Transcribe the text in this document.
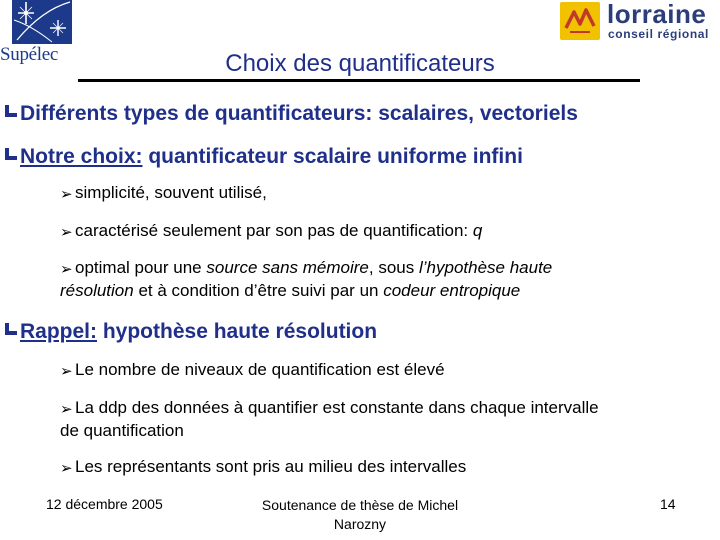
Supélec
lorraine
conseil régional
Choix des quantificateurs
Différents types de quantificateurs: scalaires, vectoriels
Notre choix: quantificateur scalaire uniforme infini
➢ simplicité, souvent utilisé,
➢ caractérisé seulement par son pas de quantification: q
➢ optimal pour une source sans mémoire, sous l’hypothèse haute
résolution et à condition d’être suivi par un codeur entropique
Rappel: hypothèse haute résolution
➢ Le nombre de niveaux de quantification est élevé
➢ La ddp des données à quantifier est constante dans chaque intervalle
de quantification
➢ Les représentants sont pris au milieu des intervalles
12 décembre 2005	Soutenance de thèse de Michel
Narozny
14
